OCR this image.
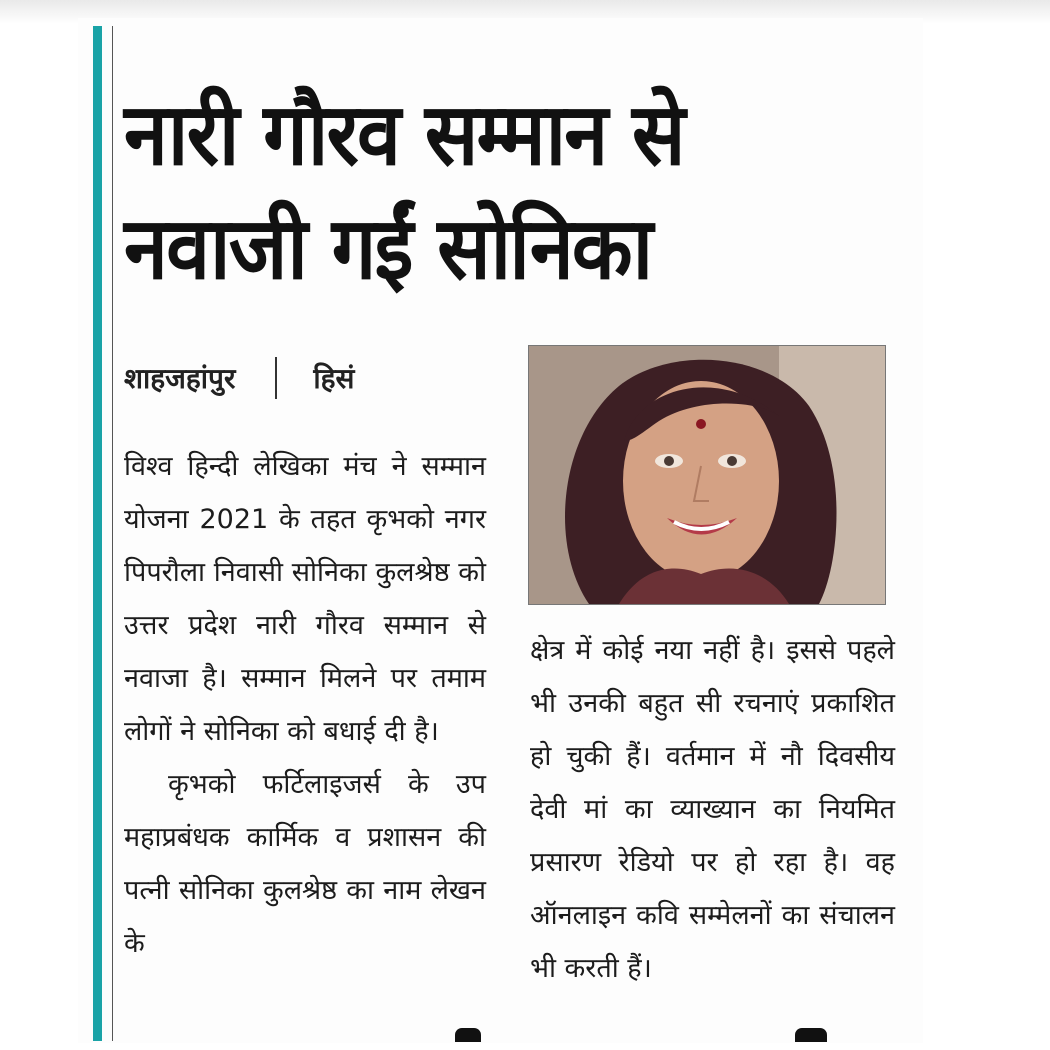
नारी गौरव सम्मान से
नवाजी गईं सोनिका
शाहजहांपुर	हिसं

विश्व हिन्दी लेखिका मंच ने सम्मान योजना 2021 के तहत कृभको नगर पिपरौला निवासी सोनिका कुलश्रेष्ठ को उत्तर प्रदेश नारी गौरव सम्मान से नवाजा है। सम्मान मिलने पर तमाम लोगों ने सोनिका को बधाई दी है।

कृभको फर्टिलाइजर्स के उप महाप्रबंधक कार्मिक व प्रशासन की पत्नी सोनिका कुलश्रेष्ठ का नाम लेखन के

क्षेत्र में कोई नया नहीं है। इससे पहले भी उनकी बहुत सी रचनाएं प्रकाशित हो चुकी हैं। वर्तमान में नौ दिवसीय देवी मां का व्याख्यान का नियमित प्रसारण रेडियो पर हो रहा है। वह ऑनलाइन कवि सम्मेलनों का संचालन भी करती हैं।
